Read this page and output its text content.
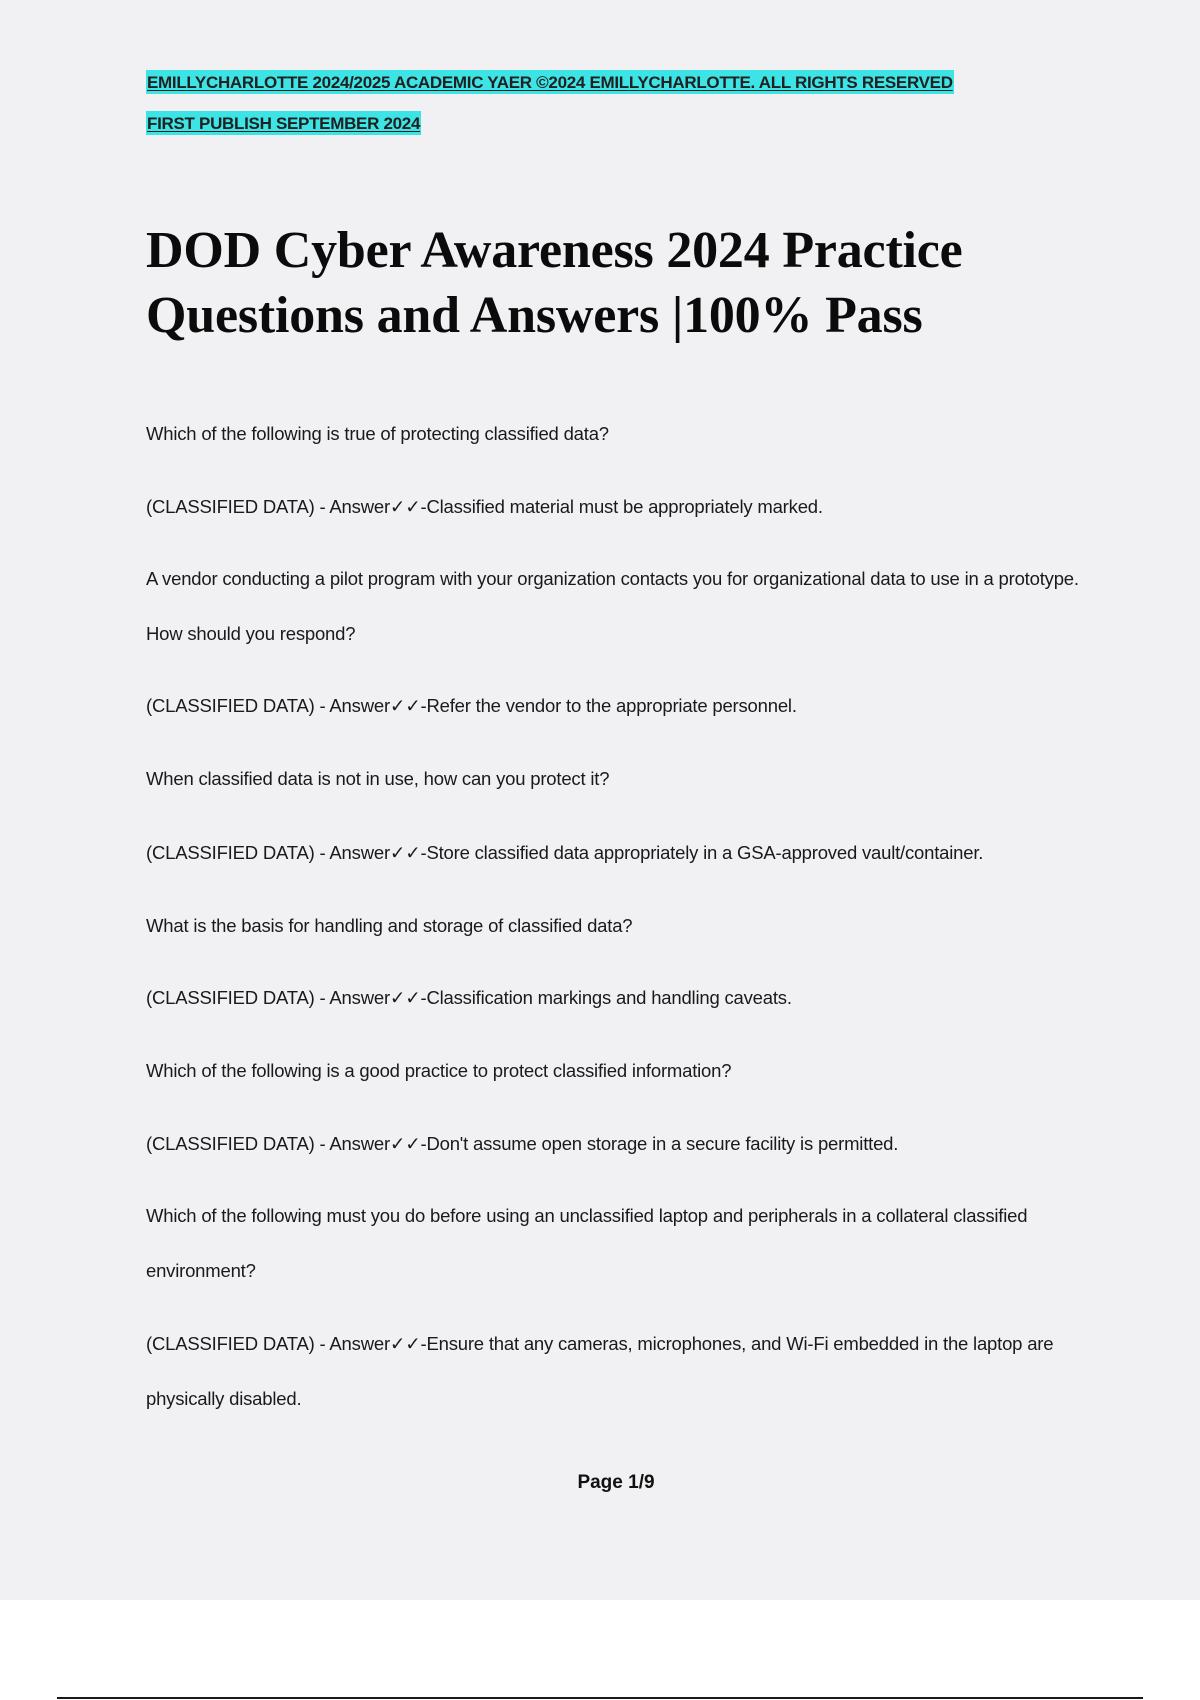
EMILLYCHARLOTTE 2024/2025 ACADEMIC YAER ©2024 EMILLYCHARLOTTE. ALL RIGHTS RESERVED
FIRST PUBLISH SEPTEMBER 2024
DOD Cyber Awareness 2024 Practice Questions and Answers |100% Pass
Which of the following is true of protecting classified data?
(CLASSIFIED DATA) - Answer✓✓-Classified material must be appropriately marked.
A vendor conducting a pilot program with your organization contacts you for organizational data to use in a prototype. How should you respond?
(CLASSIFIED DATA) - Answer✓✓-Refer the vendor to the appropriate personnel.
When classified data is not in use, how can you protect it?
(CLASSIFIED DATA) - Answer✓✓-Store classified data appropriately in a GSA-approved vault/container.
What is the basis for handling and storage of classified data?
(CLASSIFIED DATA) - Answer✓✓-Classification markings and handling caveats.
Which of the following is a good practice to protect classified information?
(CLASSIFIED DATA) - Answer✓✓-Don't assume open storage in a secure facility is permitted.
Which of the following must you do before using an unclassified laptop and peripherals in a collateral classified environment?
(CLASSIFIED DATA) - Answer✓✓-Ensure that any cameras, microphones, and Wi-Fi embedded in the laptop are physically disabled.
Page 1/9
